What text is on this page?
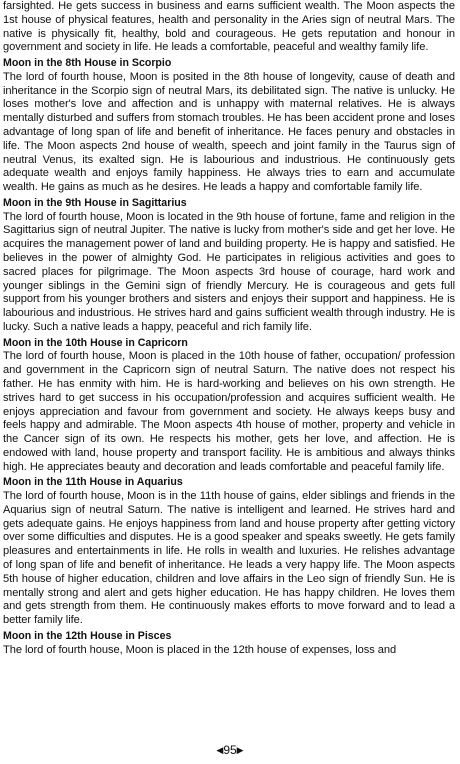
farsighted. He gets success in business and earns sufficient wealth. The Moon aspects the 1st house of physical features, health and personality in the Aries sign of neutral Mars. The native is physically fit, healthy, bold and courageous. He gets reputation and honour in government and society in life. He leads a comfortable, peaceful and wealthy family life.

Moon in the 8th House in Scorpio

The lord of fourth house, Moon is posited in the 8th house of longevity, cause of death and inheritance in the Scorpio sign of neutral Mars, its debilitated sign. The native is unlucky. He loses mother's love and affection and is unhappy with maternal relatives. He is always mentally disturbed and suffers from stomach troubles. He has been accident prone and loses advantage of long span of life and benefit of inheritance. He faces penury and obstacles in life. The Moon aspects 2nd house of wealth, speech and joint family in the Taurus sign of neutral Venus, its exalted sign. He is labourious and industrious. He continuously gets adequate wealth and enjoys family happiness. He always tries to earn and accumulate wealth. He gains as much as he desires. He leads a happy and comfortable family life.

Moon in the 9th House in Sagittarius

The lord of fourth house, Moon is located in the 9th house of fortune, fame and religion in the Sagittarius sign of neutral Jupiter. The native is lucky from mother's side and get her love. He acquires the management power of land and building property. He is happy and satisfied. He believes in the power of almighty God. He participates in religious activities and goes to sacred places for pilgrimage. The Moon aspects 3rd house of courage, hard work and younger siblings in the Gemini sign of friendly Mercury. He is courageous and gets full support from his younger brothers and sisters and enjoys their support and happiness. He is labourious and industrious. He strives hard and gains sufficient wealth through industry. He is lucky. Such a native leads a happy, peaceful and rich family life.

Moon in the 10th House in Capricorn

The lord of fourth house, Moon is placed in the 10th house of father, occupation/ profession and government in the Capricorn sign of neutral Saturn. The native does not respect his father. He has enmity with him. He is hard-working and believes on his own strength. He strives hard to get success in his occupation/profession and acquires sufficient wealth. He enjoys appreciation and favour from government and society. He always keeps busy and feels happy and admirable. The Moon aspects 4th house of mother, property and vehicle in the Cancer sign of its own. He respects his mother, gets her love, and affection. He is endowed with land, house property and transport facility. He is ambitious and always thinks high. He appreciates beauty and decoration and leads comfortable and peaceful family life.

Moon in the 11th House in Aquarius

The lord of fourth house, Moon is in the 11th house of gains, elder siblings and friends in the Aquarius sign of neutral Saturn. The native is intelligent and learned. He strives hard and gets adequate gains. He enjoys happiness from land and house property after getting victory over some difficulties and disputes. He is a good speaker and speaks sweetly. He gets family pleasures and entertainments in life. He rolls in wealth and luxuries. He relishes advantage of long span of life and benefit of inheritance. He leads a very happy life. The Moon aspects 5th house of higher education, children and love affairs in the Leo sign of friendly Sun. He is mentally strong and alert and gets higher education. He has happy children. He loves them and gets strength from them. He continuously makes efforts to move forward and to lead a better family life.

Moon in the 12th House in Pisces

The lord of fourth house, Moon is placed in the 12th house of expenses, loss and

◀95▶
